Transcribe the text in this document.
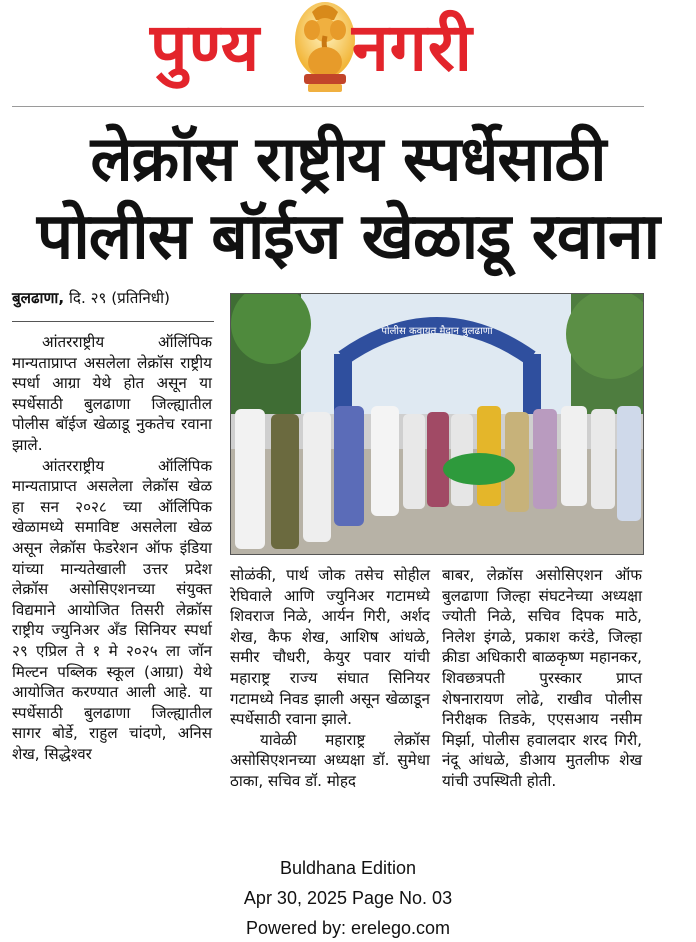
पुण्य नगरी
लेक्रॉस राष्ट्रीय स्पर्धेसाठी
पोलीस बॉईज खेळाडू रवाना
बुलढाणा, दि. २९ (प्रतिनिधी)
पोलीस कवायत मैदान बुलढाणा

आंतरराष्ट्रीय ऑलिंपिक मान्यताप्राप्त असलेला लेक्रॉस राष्ट्रीय स्पर्धा आग्रा येथे होत असून या स्पर्धेसाठी बुलढाणा जिल्ह्यातील पोलीस बॉईज खेळाडू नुकतेच रवाना झाले.

आंतरराष्ट्रीय ऑलिंपिक मान्यताप्राप्त असलेला लेक्रॉस खेळ हा सन २०२८ च्या ऑलिंपिक खेळामध्ये समाविष्ट असलेला खेळ असून लेक्रॉस फेडरेशन ऑफ इंडिया यांच्या मान्यतेखाली उत्तर प्रदेश लेक्रॉस असोसिएशनच्या संयुक्त विद्यमाने आयोजित तिसरी लेक्रॉस राष्ट्रीय ज्युनिअर अँड सिनियर स्पर्धा २९ एप्रिल ते १ मे २०२५ ला जॉन मिल्टन पब्लिक स्कूल (आग्रा) येथे आयोजित करण्यात आली आहे. या स्पर्धेसाठी बुलढाणा जिल्ह्यातील सागर बोर्डे, राहुल चांदणे, अनिस शेख, सिद्धेश्वर

सोळंकी, पार्थ जोक तसेच सोहील रेघिवाले आणि ज्युनिअर गटामध्ये शिवराज निळे, आर्यन गिरी, अर्शद शेख, कैफ शेख, आशिष आंधळे, समीर चौधरी, केयुर पवार यांची महाराष्ट्र राज्य संघात सिनियर गटामध्ये निवड झाली असून खेळाडून स्पर्धेसाठी रवाना झाले.

यावेळी महाराष्ट्र लेक्रॉस असोसिएशनच्या अध्यक्षा डॉ. सुमेधा ठाका, सचिव डॉ. मोहद

बाबर, लेक्रॉस असोसिएशन ऑफ बुलढाणा जिल्हा संघटनेच्या अध्यक्षा ज्योती निळे, सचिव दिपक माठे, निलेश इंगळे, प्रकाश करंडे, जिल्हा क्रीडा अधिकारी बाळकृष्ण महानकर, शिवछत्रपती पुरस्कार प्राप्त शेषनारायण लोढे, राखीव पोलीस निरीक्षक तिडके, एएसआय नसीम मिर्झा, पोलीस हवालदार शरद गिरी, नंदू आंधळे, डीआय मुतलीफ शेख यांची उपस्थिती होती.

Buldhana Edition
Apr 30, 2025 Page No. 03
Powered by: erelego.com
